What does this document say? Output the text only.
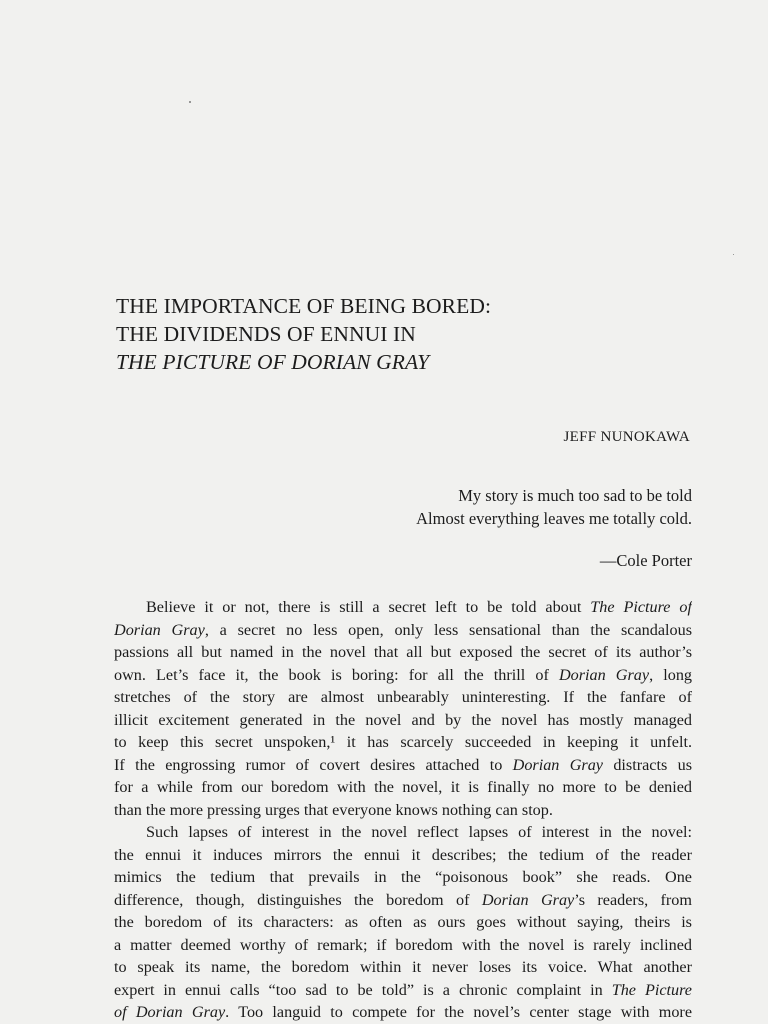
THE IMPORTANCE OF BEING BORED:
THE DIVIDENDS OF ENNUI IN
THE PICTURE OF DORIAN GRAY
JEFF NUNOKAWA
My story is much too sad to be told
Almost everything leaves me totally cold.
—Cole Porter
Believe it or not, there is still a secret left to be told about The Picture of
Dorian Gray, a secret no less open, only less sensational than the scandalous
passions all but named in the novel that all but exposed the secret of its author’s
own. Let’s face it, the book is boring: for all the thrill of Dorian Gray, long
stretches of the story are almost unbearably uninteresting. If the fanfare of
illicit excitement generated in the novel and by the novel has mostly managed
to keep this secret unspoken,¹ it has scarcely succeeded in keeping it unfelt.
If the engrossing rumor of covert desires attached to Dorian Gray distracts us
for a while from our boredom with the novel, it is finally no more to be denied
than the more pressing urges that everyone knows nothing can stop.
Such lapses of interest in the novel reflect lapses of interest in the novel:
the ennui it induces mirrors the ennui it describes; the tedium of the reader
mimics the tedium that prevails in the “poisonous book” she reads. One
difference, though, distinguishes the boredom of Dorian Gray’s readers, from
the boredom of its characters: as often as ours goes without saying, theirs is
a matter deemed worthy of remark; if boredom with the novel is rarely inclined
to speak its name, the boredom within it never loses its voice. What another
expert in ennui calls “too sad to be told” is a chronic complaint in The Picture
of Dorian Gray. Too languid to compete for the novel’s center stage with more
